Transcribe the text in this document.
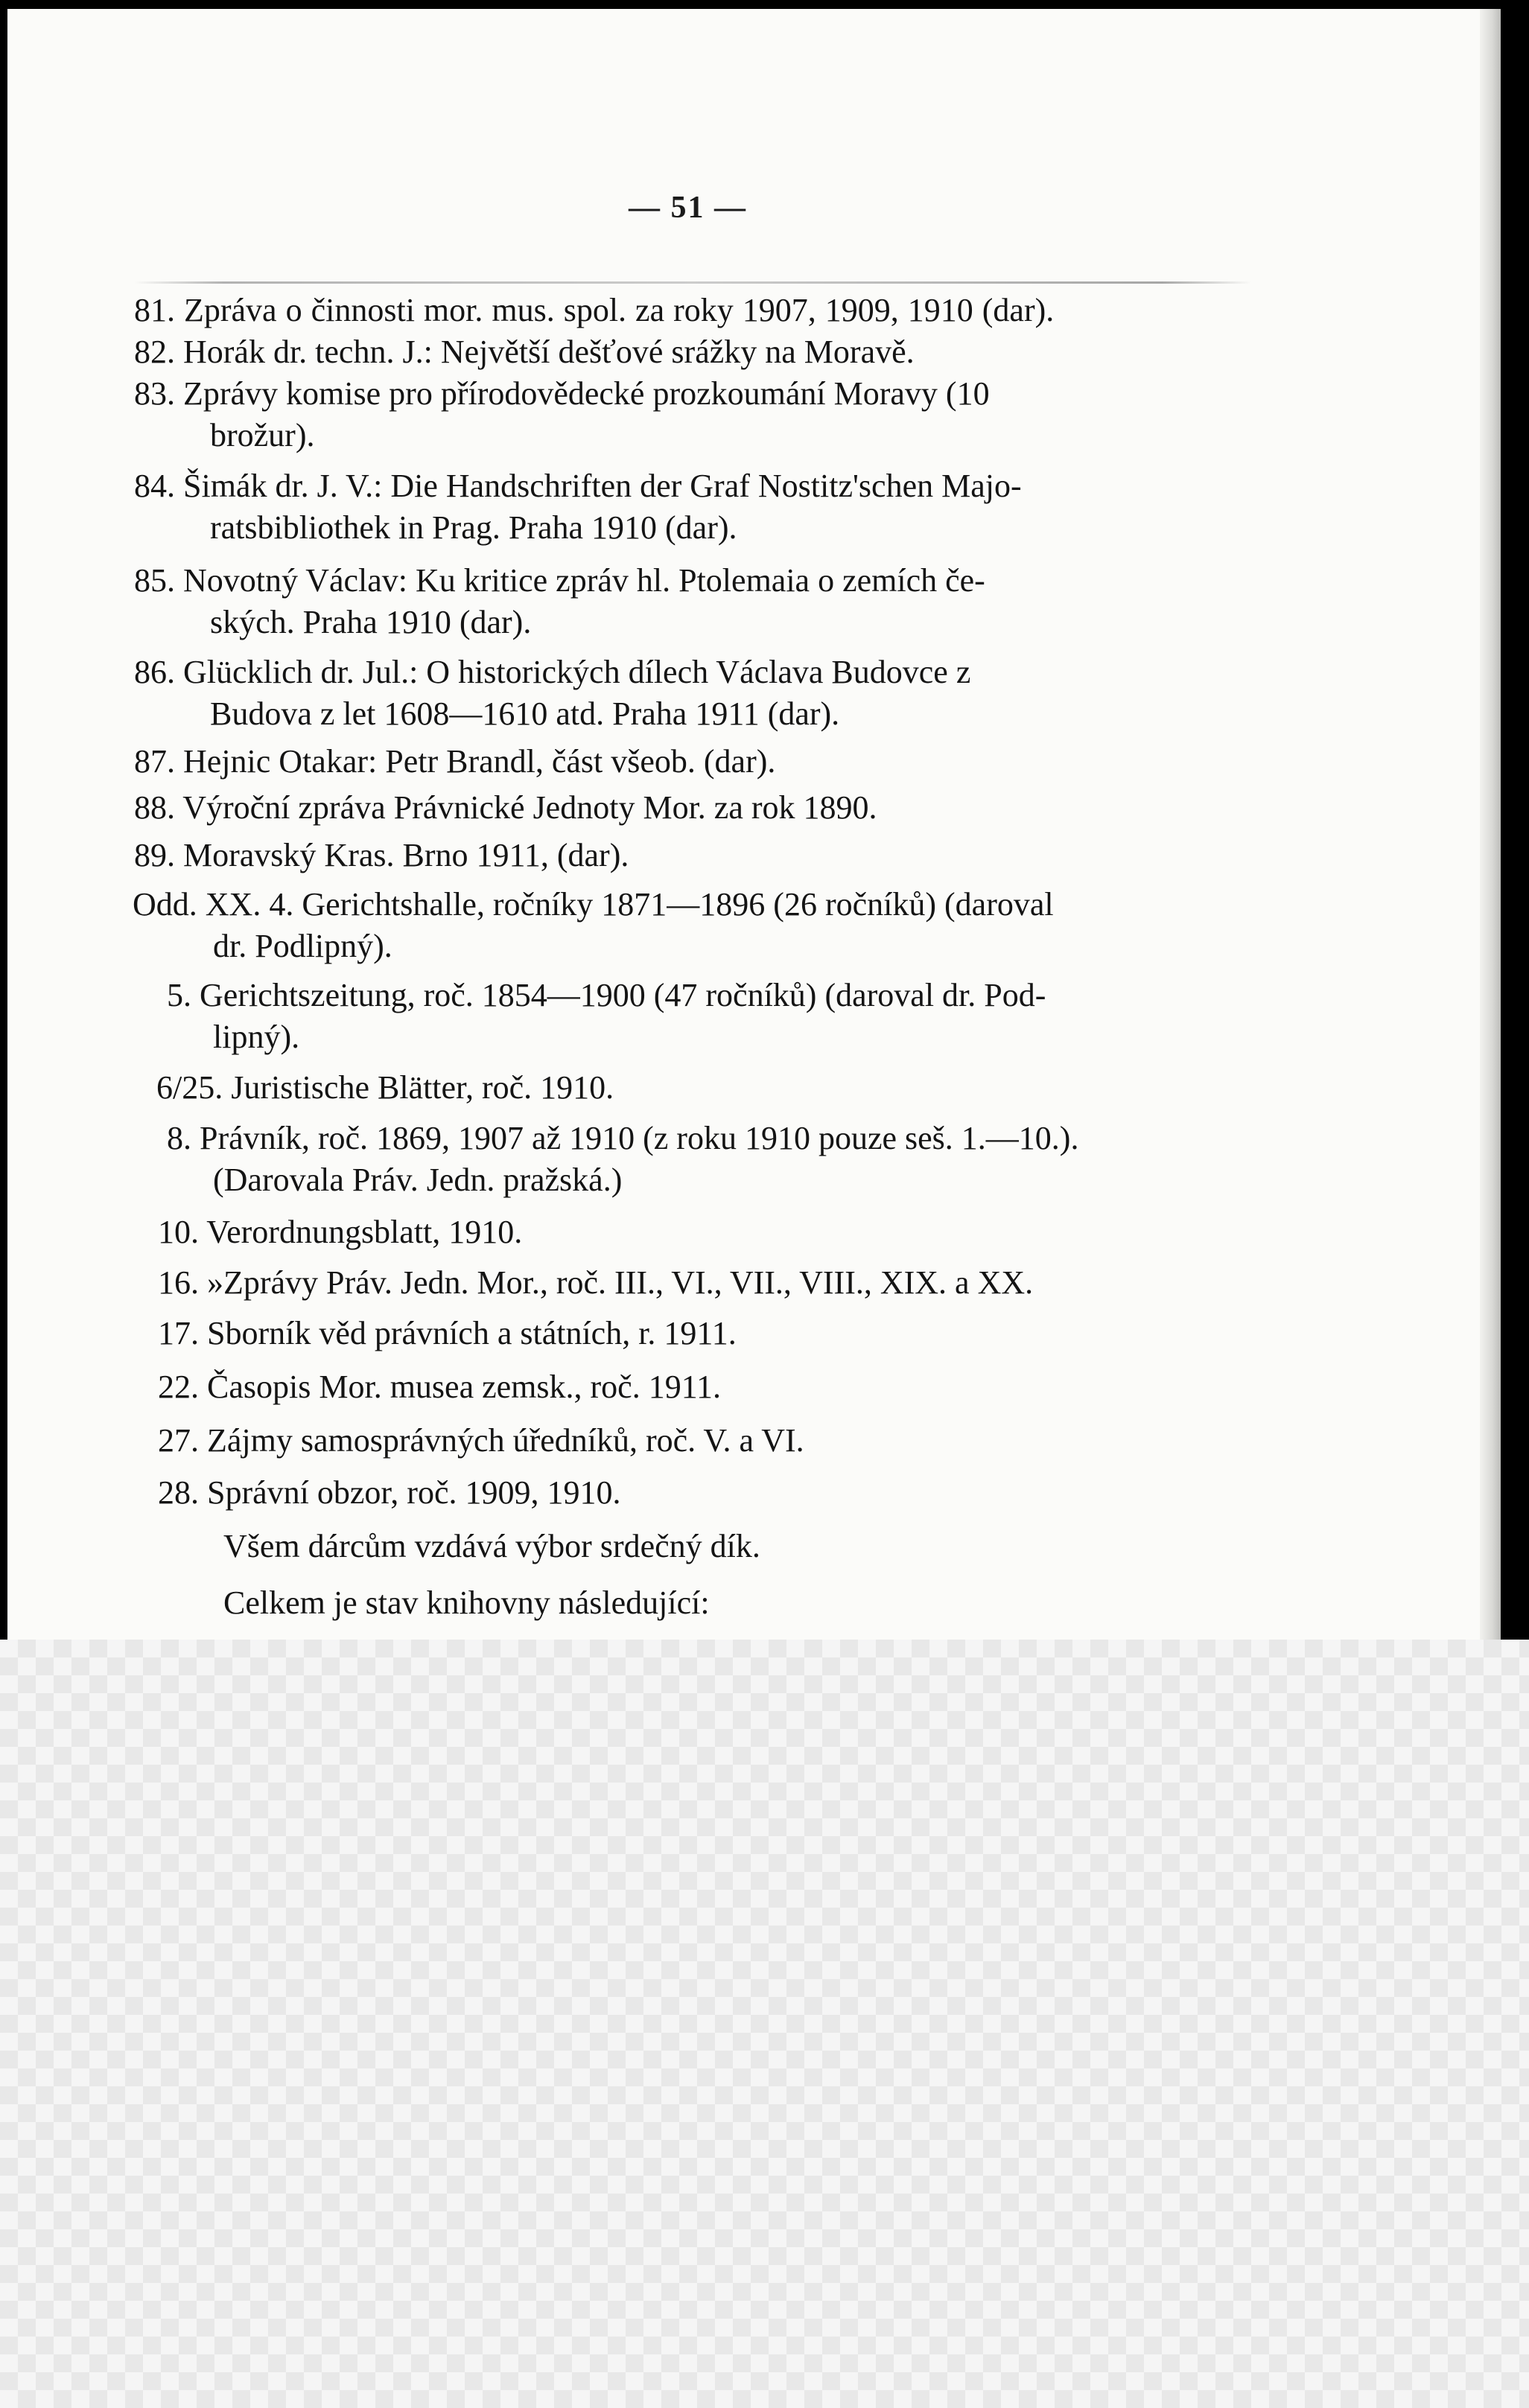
— 51 —
81. Zpráva o činnosti mor. mus. spol. za roky 1907, 1909, 1910 (dar).
82. Horák dr. techn. J.: Největší dešťové srážky na Moravě.
83. Zprávy komise pro přírodovědecké prozkoumání Moravy (10
brožur).
84. Šimák dr. J. V.: Die Handschriften der Graf Nostitz'schen Majo-
ratsbibliothek in Prag. Praha 1910 (dar).
85. Novotný Václav: Ku kritice zpráv hl. Ptolemaia o zemích če-
ských. Praha 1910 (dar).
86. Glücklich dr. Jul.: O historických dílech Václava Budovce z
Budova z let 1608—1610 atd. Praha 1911 (dar).
87. Hejnic Otakar: Petr Brandl, část všeob. (dar).
88. Výroční zpráva Právnické Jednoty Mor. za rok 1890.
89. Moravský Kras. Brno 1911, (dar).
Odd. XX. 4. Gerichtshalle, ročníky 1871—1896 (26 ročníků) (daroval
dr. Podlipný).
5. Gerichtszeitung, roč. 1854—1900 (47 ročníků) (daroval dr. Pod-
lipný).
6/25. Juristische Blätter, roč. 1910.
8. Právník, roč. 1869, 1907 až 1910 (z roku 1910 pouze seš. 1.—10.).
(Darovala Práv. Jedn. pražská.)
10. Verordnungsblatt, 1910.
16. »Zprávy Práv. Jedn. Mor., roč. III., VI., VII., VIII., XIX. a XX.
17. Sborník věd právních a státních, r. 1911.
22. Časopis Mor. musea zemsk., roč. 1911.
27. Zájmy samosprávných úředníků, roč. V. a VI.
28. Správní obzor, roč. 1909, 1910.
Všem dárcům vzdává výbor srdečný dík.
Celkem je stav knihovny následující:
